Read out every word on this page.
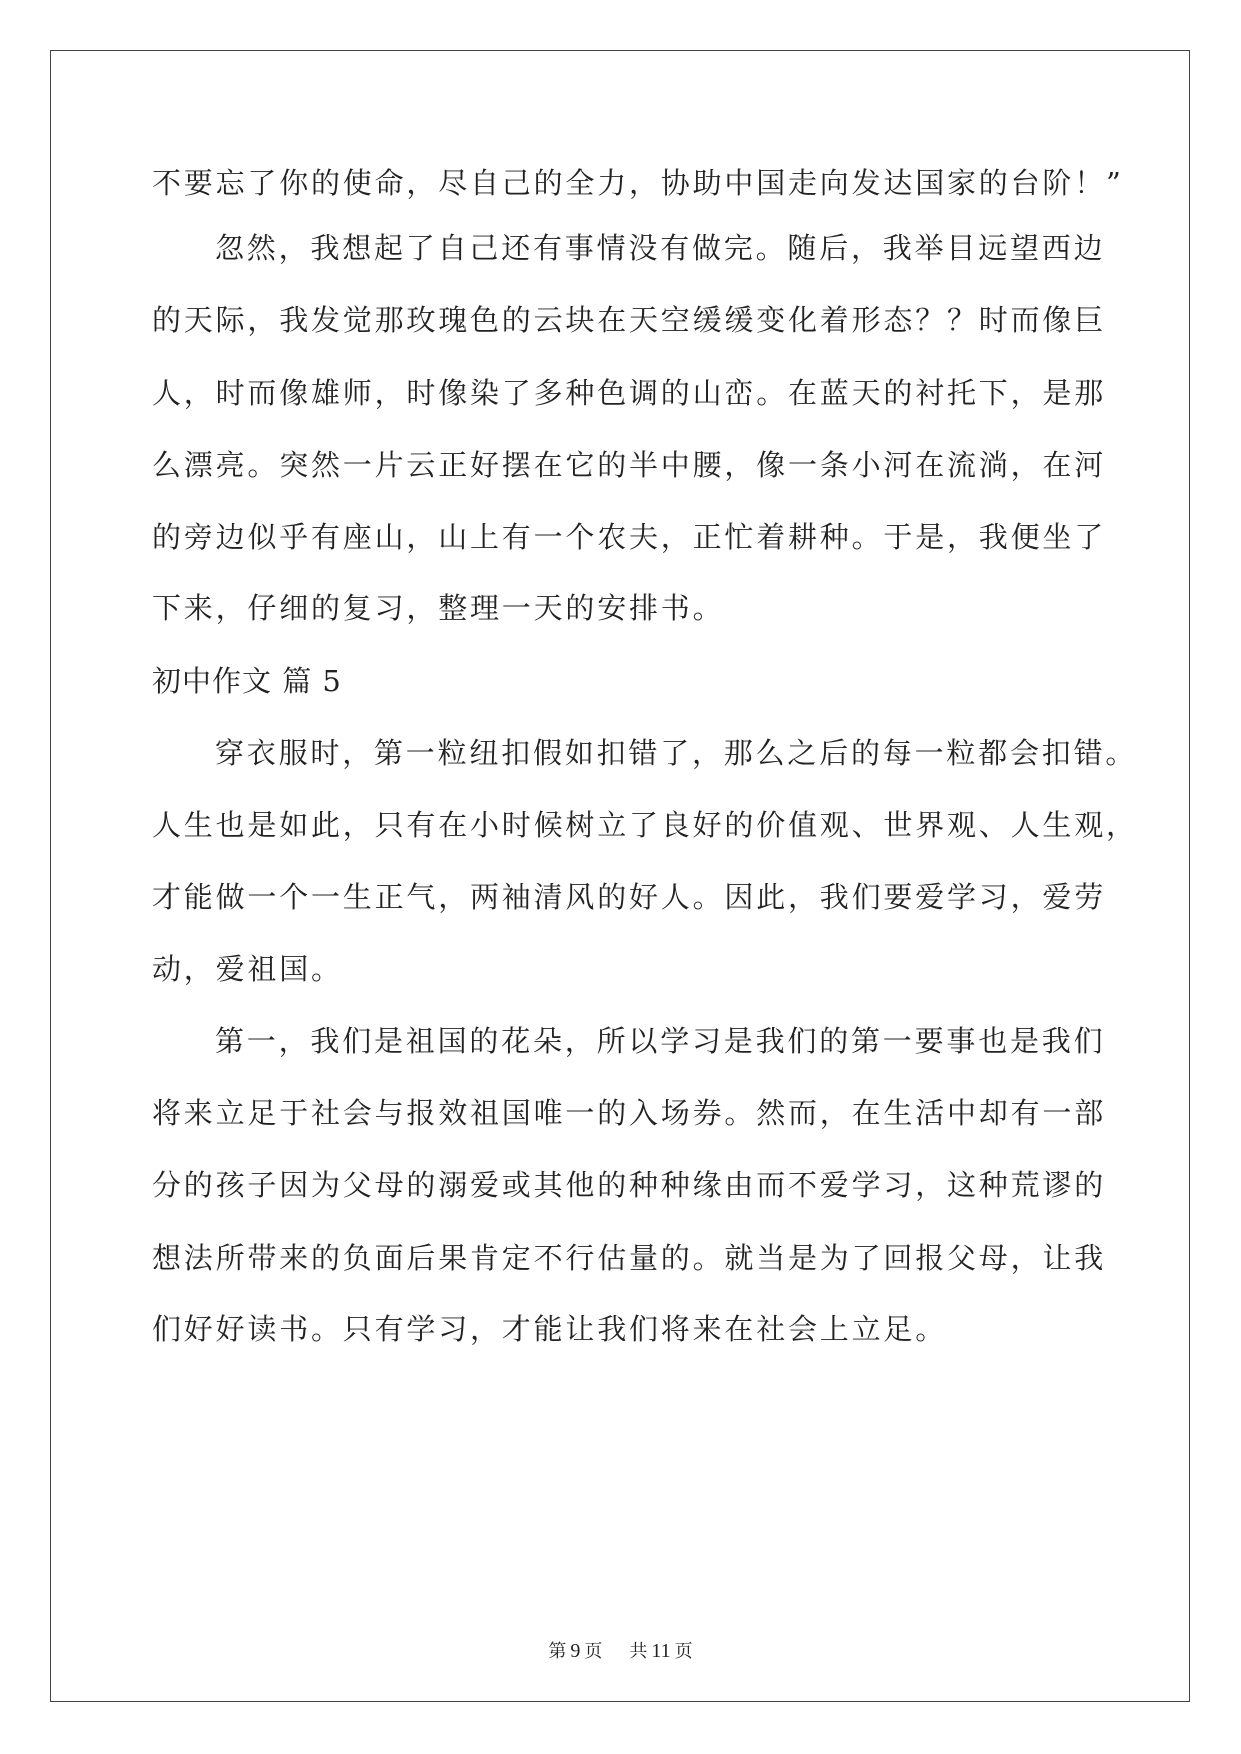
不要忘了你的使命，尽自己的全力，协助中国走向发达国家的台阶！”
忽然，我想起了自己还有事情没有做完。随后，我举目远望西边
的天际，我发觉那玫瑰色的云块在天空缓缓变化着形态？？时而像巨
人，时而像雄师，时像染了多种色调的山峦。在蓝天的衬托下，是那
么漂亮。突然一片云正好摆在它的半中腰，像一条小河在流淌，在河
的旁边似乎有座山，山上有一个农夫，正忙着耕种。于是，我便坐了
下来，仔细的复习，整理一天的安排书。
初中作文 篇 5
穿衣服时，第一粒纽扣假如扣错了，那么之后的每一粒都会扣错。
人生也是如此，只有在小时候树立了良好的价值观、世界观、人生观，
才能做一个一生正气，两袖清风的好人。因此，我们要爱学习，爱劳
动，爱祖国。
第一，我们是祖国的花朵，所以学习是我们的第一要事也是我们
将来立足于社会与报效祖国唯一的入场券。然而，在生活中却有一部
分的孩子因为父母的溺爱或其他的种种缘由而不爱学习，这种荒谬的
想法所带来的负面后果肯定不行估量的。就当是为了回报父母，让我
们好好读书。只有学习，才能让我们将来在社会上立足。
第 9 页 共 11 页
